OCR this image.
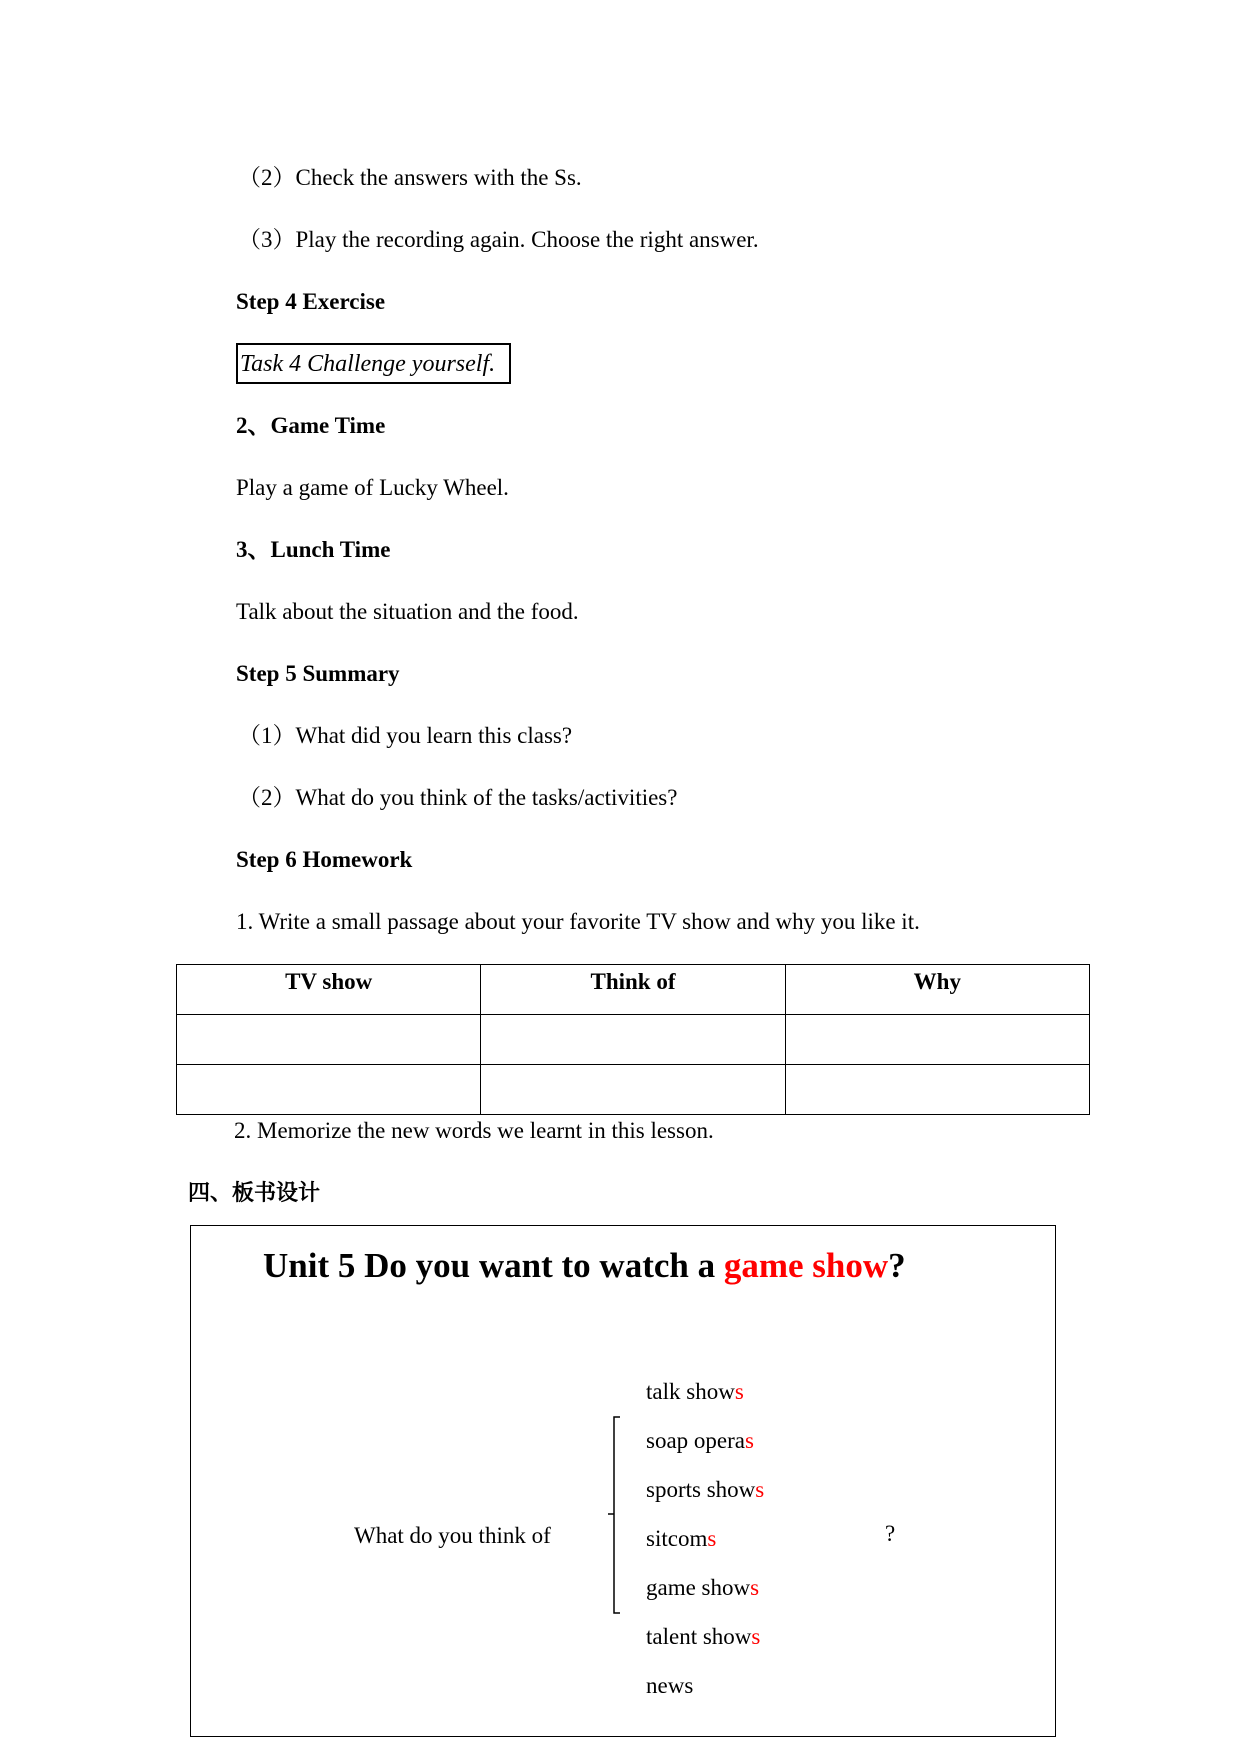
（2）Check the answers with the Ss.
（3）Play the recording again. Choose the right answer.
Step 4 Exercise
Task 4 Challenge yourself.
2、Game Time
Play a game of Lucky Wheel.
3、Lunch Time
Talk about the situation and the food.
Step 5 Summary
（1）What did you learn this class?
（2）What do you think of the tasks/activities?
Step 6 Homework
1. Write a small passage about your favorite TV show and why you like it.
TV show	Think of	Why

2. Memorize the new words we learnt in this lesson.
四、板书设计
Unit 5 Do you want to watch a game show?
What do you think of
talk shows
soap operas
sports shows
sitcoms
game shows
talent shows
news
?
